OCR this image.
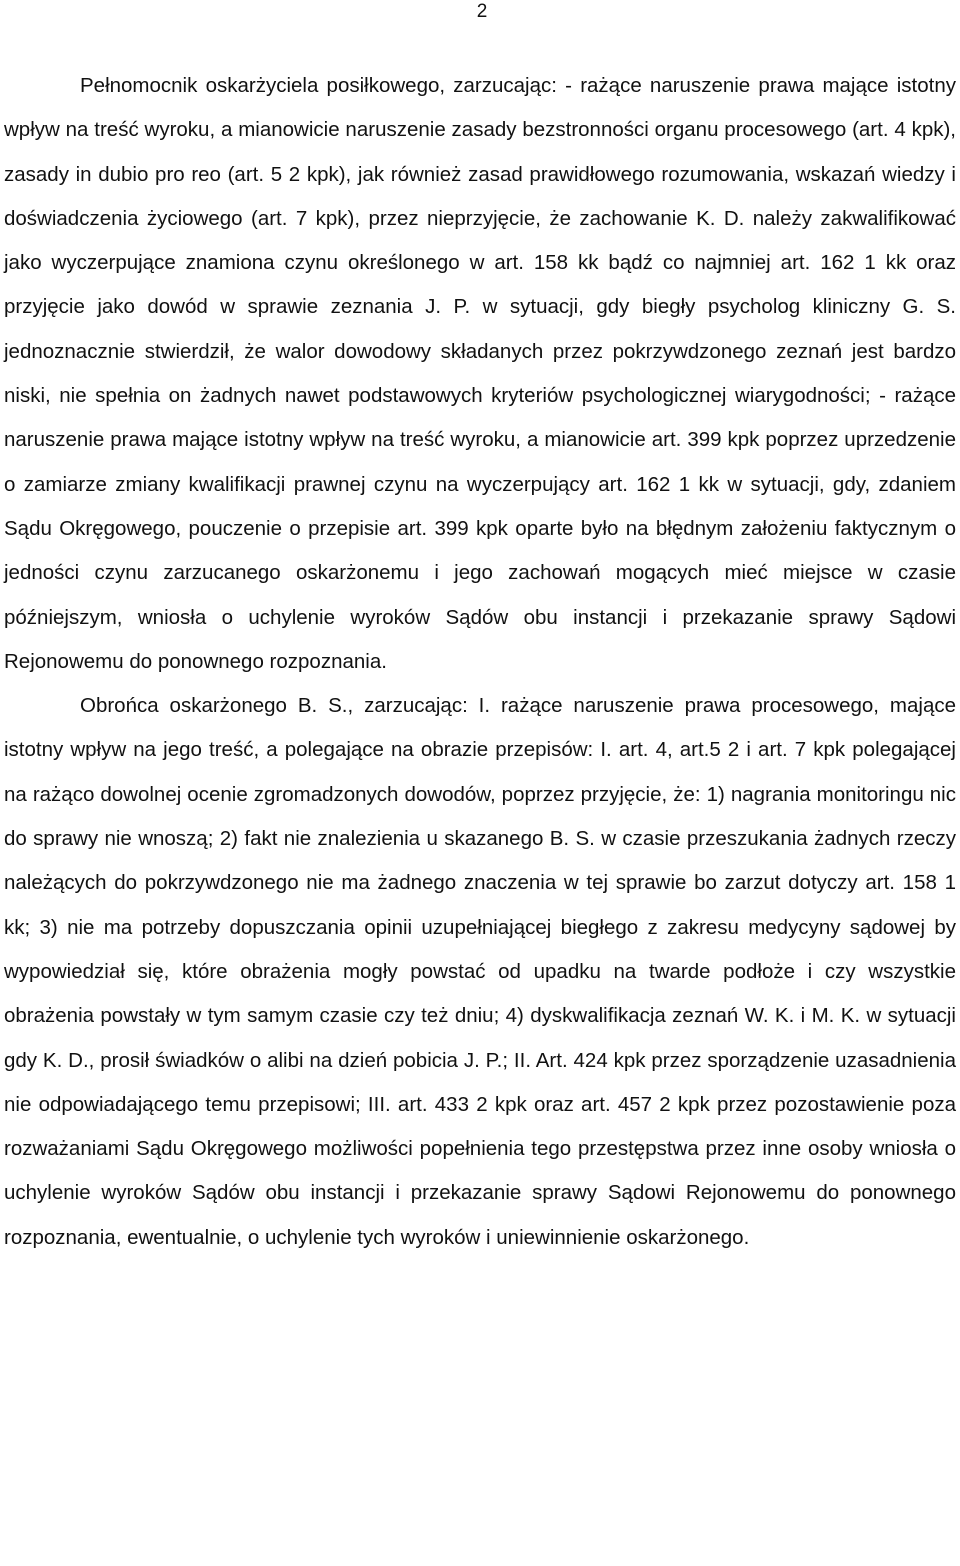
2

Pełnomocnik oskarżyciela posiłkowego, zarzucając: - rażące naruszenie prawa mające istotny wpływ na treść wyroku, a mianowicie naruszenie zasady bezstronności organu procesowego (art. 4 kpk), zasady in dubio pro reo (art. 5 2 kpk), jak również zasad prawidłowego rozumowania, wskazań wiedzy i doświadczenia życiowego (art. 7 kpk), przez nieprzyjęcie, że zachowanie K. D. należy zakwalifikować jako wyczerpujące znamiona czynu określonego w art. 158 kk bądź co najmniej art. 162 1 kk oraz przyjęcie jako dowód w sprawie zeznania J. P. w sytuacji, gdy biegły psycholog kliniczny G. S. jednoznacznie stwierdził, że walor dowodowy składanych przez pokrzywdzonego zeznań jest bardzo niski, nie spełnia on żadnych nawet podstawowych kryteriów psychologicznej wiarygodności; - rażące naruszenie prawa mające istotny wpływ na treść wyroku, a mianowicie art. 399 kpk poprzez uprzedzenie o zamiarze zmiany kwalifikacji prawnej czynu na wyczerpujący art. 162 1 kk w sytuacji, gdy, zdaniem Sądu Okręgowego, pouczenie o przepisie art. 399 kpk oparte było na błędnym założeniu faktycznym o jedności czynu zarzucanego oskarżonemu i jego zachowań mogących mieć miejsce w czasie późniejszym, wniosła o uchylenie wyroków Sądów obu instancji i przekazanie sprawy Sądowi Rejonowemu do ponownego rozpoznania.

Obrońca oskarżonego B. S., zarzucając: I. rażące naruszenie prawa procesowego, mające istotny wpływ na jego treść, a polegające na obrazie przepisów: I. art. 4, art.5 2 i art. 7 kpk polegającej na rażąco dowolnej ocenie zgromadzonych dowodów, poprzez przyjęcie, że: 1) nagrania monitoringu nic do sprawy nie wnoszą; 2) fakt nie znalezienia u skazanego B. S. w czasie przeszukania żadnych rzeczy należących do pokrzywdzonego nie ma żadnego znaczenia w tej sprawie bo zarzut dotyczy art. 158 1 kk; 3) nie ma potrzeby dopuszczania opinii uzupełniającej biegłego z zakresu medycyny sądowej by wypowiedział się, które obrażenia mogły powstać od upadku na twarde podłoże i czy wszystkie obrażenia powstały w tym samym czasie czy też dniu; 4) dyskwalifikacja zeznań W. K. i M. K. w sytuacji gdy K. D., prosił świadków o alibi na dzień pobicia J. P.; II. Art. 424 kpk przez sporządzenie uzasadnienia nie odpowiadającego temu przepisowi; III. art. 433 2 kpk oraz art. 457 2 kpk przez pozostawienie poza rozważaniami Sądu Okręgowego możliwości popełnienia tego przestępstwa przez inne osoby wniosła o uchylenie wyroków Sądów obu instancji i przekazanie sprawy Sądowi Rejonowemu do ponownego rozpoznania, ewentualnie, o uchylenie tych wyroków i uniewinnienie oskarżonego.
